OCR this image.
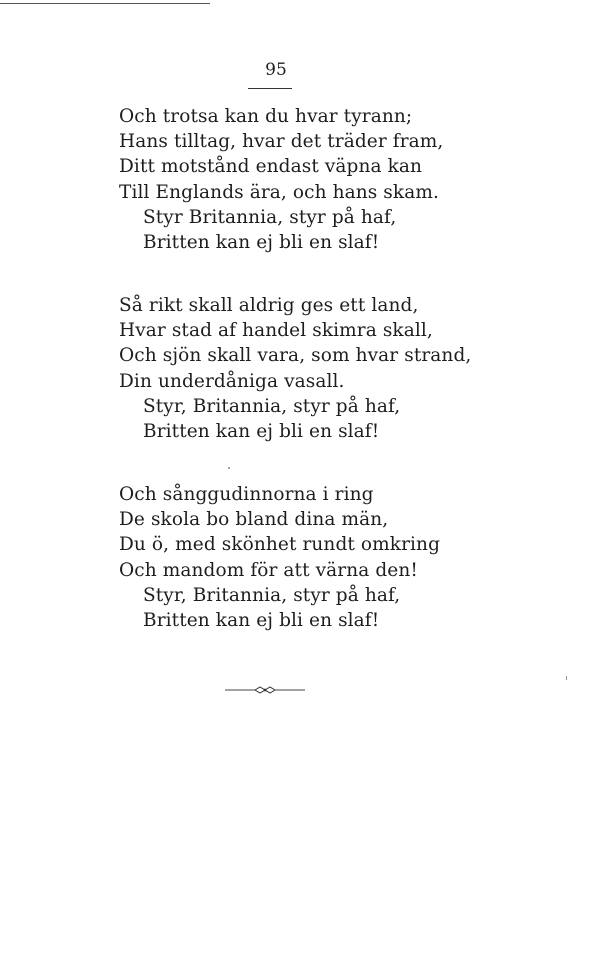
95
Och trotsa kan du hvar tyrann;
Hans tilltag, hvar det träder fram,
Ditt motstånd endast väpna kan
Till Englands ära, och hans skam.
Styr Britannia, styr på haf,
Britten kan ej bli en slaf!
Så rikt skall aldrig ges ett land,
Hvar stad af handel skimra skall,
Och sjön skall vara, som hvar strand,
Din underdåniga vasall.
Styr, Britannia, styr på haf,
Britten kan ej bli en slaf!
Och sånggudinnorna i ring
De skola bo bland dina män,
Du ö, med skönhet rundt omkring
Och mandom för att värna den!
Styr, Britannia, styr på haf,
Britten kan ej bli en slaf!
